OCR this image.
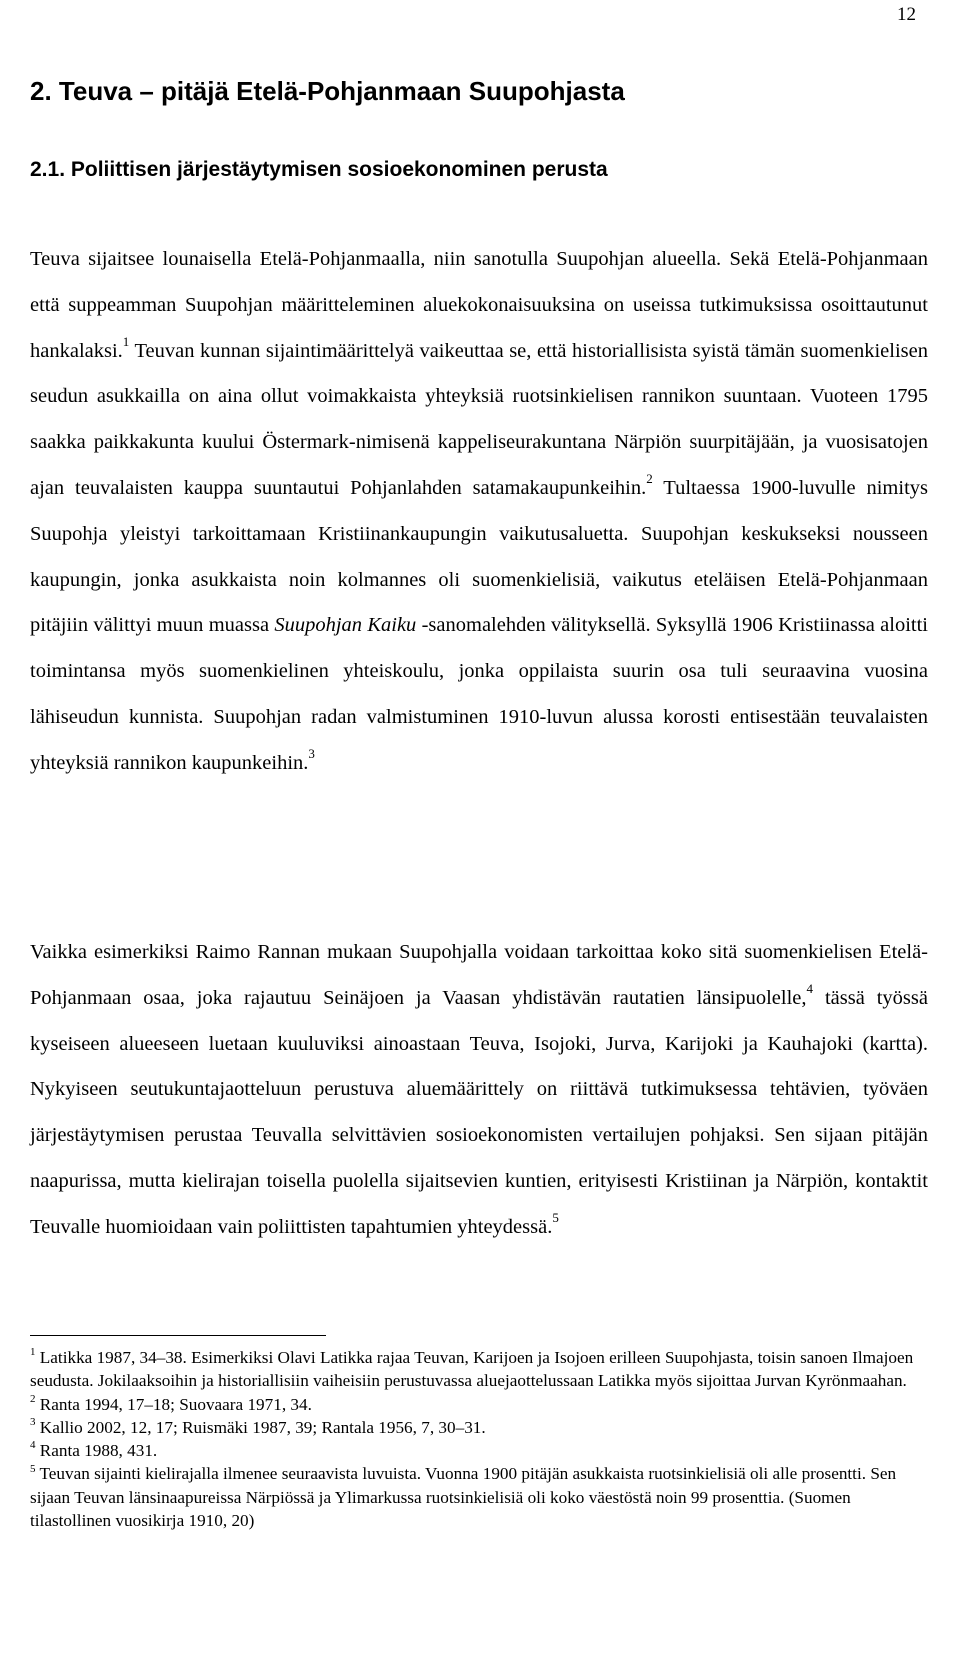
12
2. Teuva – pitäjä Etelä-Pohjanmaan Suupohjasta
2.1. Poliittisen järjestäytymisen sosioekonominen perusta

Teuva sijaitsee lounaisella Etelä-Pohjanmaalla, niin sanotulla Suupohjan alueella. Sekä Etelä-Pohjanmaan että suppeamman Suupohjan määritteleminen aluekokonaisuuksina on useissa tutkimuksissa osoittautunut hankalaksi.$^1$ Teuvan kunnan sijaintimäärittelyä vaikeuttaa se, että historiallisista syistä tämän suomenkielisen seudun asukkailla on aina ollut voimakkaista yhteyksiä ruotsinkielisen rannikon suuntaan. Vuoteen 1795 saakka paikkakunta kuului Östermark-nimisenä kappeliseurakuntana Närpiön suurpitäjään, ja vuosisatojen ajan teuvalaisten kauppa suuntautui Pohjanlahden satamakaupunkeihin.$^2$ Tultaessa 1900-luvulle nimitys Suupohja yleistyi tarkoittamaan Kristiinankaupungin vaikutusaluetta. Suupohjan keskukseksi nousseen kaupungin, jonka asukkaista noin kolmannes oli suomenkielisiä, vaikutus eteläisen Etelä-Pohjanmaan pitäjiin välittyi muun muassa Suupohjan Kaiku -sanomalehden välityksellä. Syksyllä 1906 Kristiinassa aloitti toimintansa myös suomenkielinen yhteiskoulu, jonka oppilaista suurin osa tuli seuraavina vuosina lähiseudun kunnista. Suupohjan radan valmistuminen 1910-luvun alussa korosti entisestään teuvalaisten yhteyksiä rannikon kaupunkeihin.$^3$

Vaikka esimerkiksi Raimo Rannan mukaan Suupohjalla voidaan tarkoittaa koko sitä suomenkielisen Etelä-Pohjanmaan osaa, joka rajautuu Seinäjoen ja Vaasan yhdistävän rautatien länsipuolelle,$^4$ tässä työssä kyseiseen alueeseen luetaan kuuluviksi ainoastaan Teuva, Isojoki, Jurva, Karijoki ja Kauhajoki (kartta). Nykyiseen seutukuntajaotteluun perustuva aluemäärittely on riittävä tutkimuksessa tehtävien, työväen järjestäytymisen perustaa Teuvalla selvittävien sosioekonomisten vertailujen pohjaksi. Sen sijaan pitäjän naapurissa, mutta kielirajan toisella puolella sijaitsevien kuntien, erityisesti Kristiinan ja Närpiön, kontaktit Teuvalle huomioidaan vain poliittisten tapahtumien yhteydessä.$^5$

$^1$ Latikka 1987, 34–38. Esimerkiksi Olavi Latikka rajaa Teuvan, Karijoen ja Isojoen erilleen Suupohjasta, toisin sanoen Ilmajoen seudusta. Jokilaaksoihin ja historiallisiin vaiheisiin perustuvassa aluejaottelussaan Latikka myös sijoittaa Jurvan Kyrönmaahan.

$^2$ Ranta 1994, 17–18; Suovaara 1971, 34.

$^3$ Kallio 2002, 12, 17; Ruismäki 1987, 39; Rantala 1956, 7, 30–31.

$^4$ Ranta 1988, 431.

$^5$ Teuvan sijainti kielirajalla ilmenee seuraavista luvuista. Vuonna 1900 pitäjän asukkaista ruotsinkielisiä oli alle prosentti. Sen sijaan Teuvan länsinaapureissa Närpiössä ja Ylimarkussa ruotsinkielisiä oli koko väestöstä noin 99 prosenttia. (Suomen tilastollinen vuosikirja 1910, 20)
